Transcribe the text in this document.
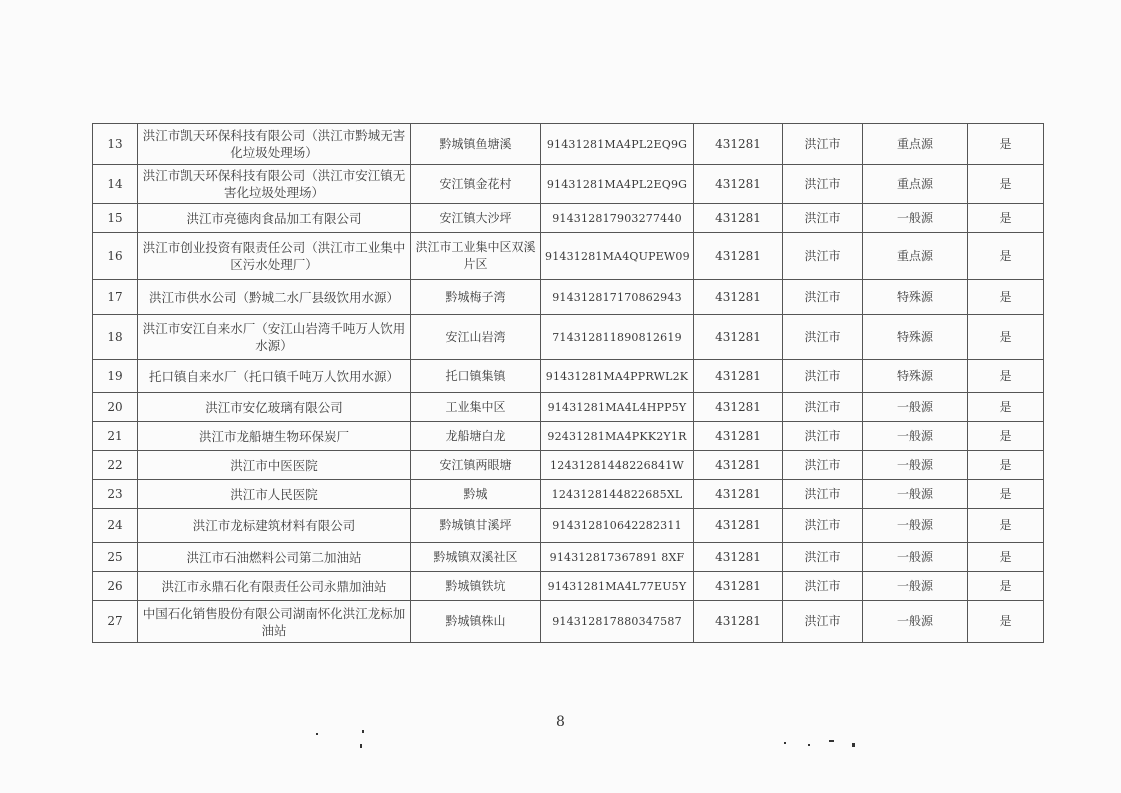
13	洪江市凯天环保科技有限公司（洪江市黔城无害化垃圾处理场）	黔城镇鱼塘溪	91431281MA4PL2EQ9G	431281	洪江市	重点源	是
14	洪江市凯天环保科技有限公司（洪江市安江镇无害化垃圾处理场）	安江镇金花村	91431281MA4PL2EQ9G	431281	洪江市	重点源	是
15	洪江市亮德肉食品加工有限公司	安江镇大沙坪	914312817903277440	431281	洪江市	一般源	是
16	洪江市创业投资有限责任公司（洪江市工业集中区污水处理厂）	洪江市工业集中区双溪片区	91431281MA4QUPEW09	431281	洪江市	重点源	是
17	洪江市供水公司（黔城二水厂县级饮用水源）	黔城梅子湾	914312817170862943	431281	洪江市	特殊源	是
18	洪江市安江自来水厂（安江山岩湾千吨万人饮用水源）	安江山岩湾	714312811890812619	431281	洪江市	特殊源	是
19	托口镇自来水厂（托口镇千吨万人饮用水源）	托口镇集镇	91431281MA4PPRWL2K	431281	洪江市	特殊源	是
20	洪江市安亿玻璃有限公司	工业集中区	91431281MA4L4HPP5Y	431281	洪江市	一般源	是
21	洪江市龙船塘生物环保炭厂	龙船塘白龙	92431281MA4PKK2Y1R	431281	洪江市	一般源	是
22	洪江市中医医院	安江镇两眼塘	12431281448226841W	431281	洪江市	一般源	是
23	洪江市人民医院	黔城	1243128144822685XL	431281	洪江市	一般源	是
24	洪江市龙标建筑材料有限公司	黔城镇甘溪坪	914312810642282311	431281	洪江市	一般源	是
25	洪江市石油燃料公司第二加油站	黔城镇双溪社区	914312817367891 8XF	431281	洪江市	一般源	是
26	洪江市永鼎石化有限责任公司永鼎加油站	黔城镇铁坑	91431281MA4L77EU5Y	431281	洪江市	一般源	是
27	中国石化销售股份有限公司湖南怀化洪江龙标加油站	黔城镇株山	914312817880347587	431281	洪江市	一般源	是
8
